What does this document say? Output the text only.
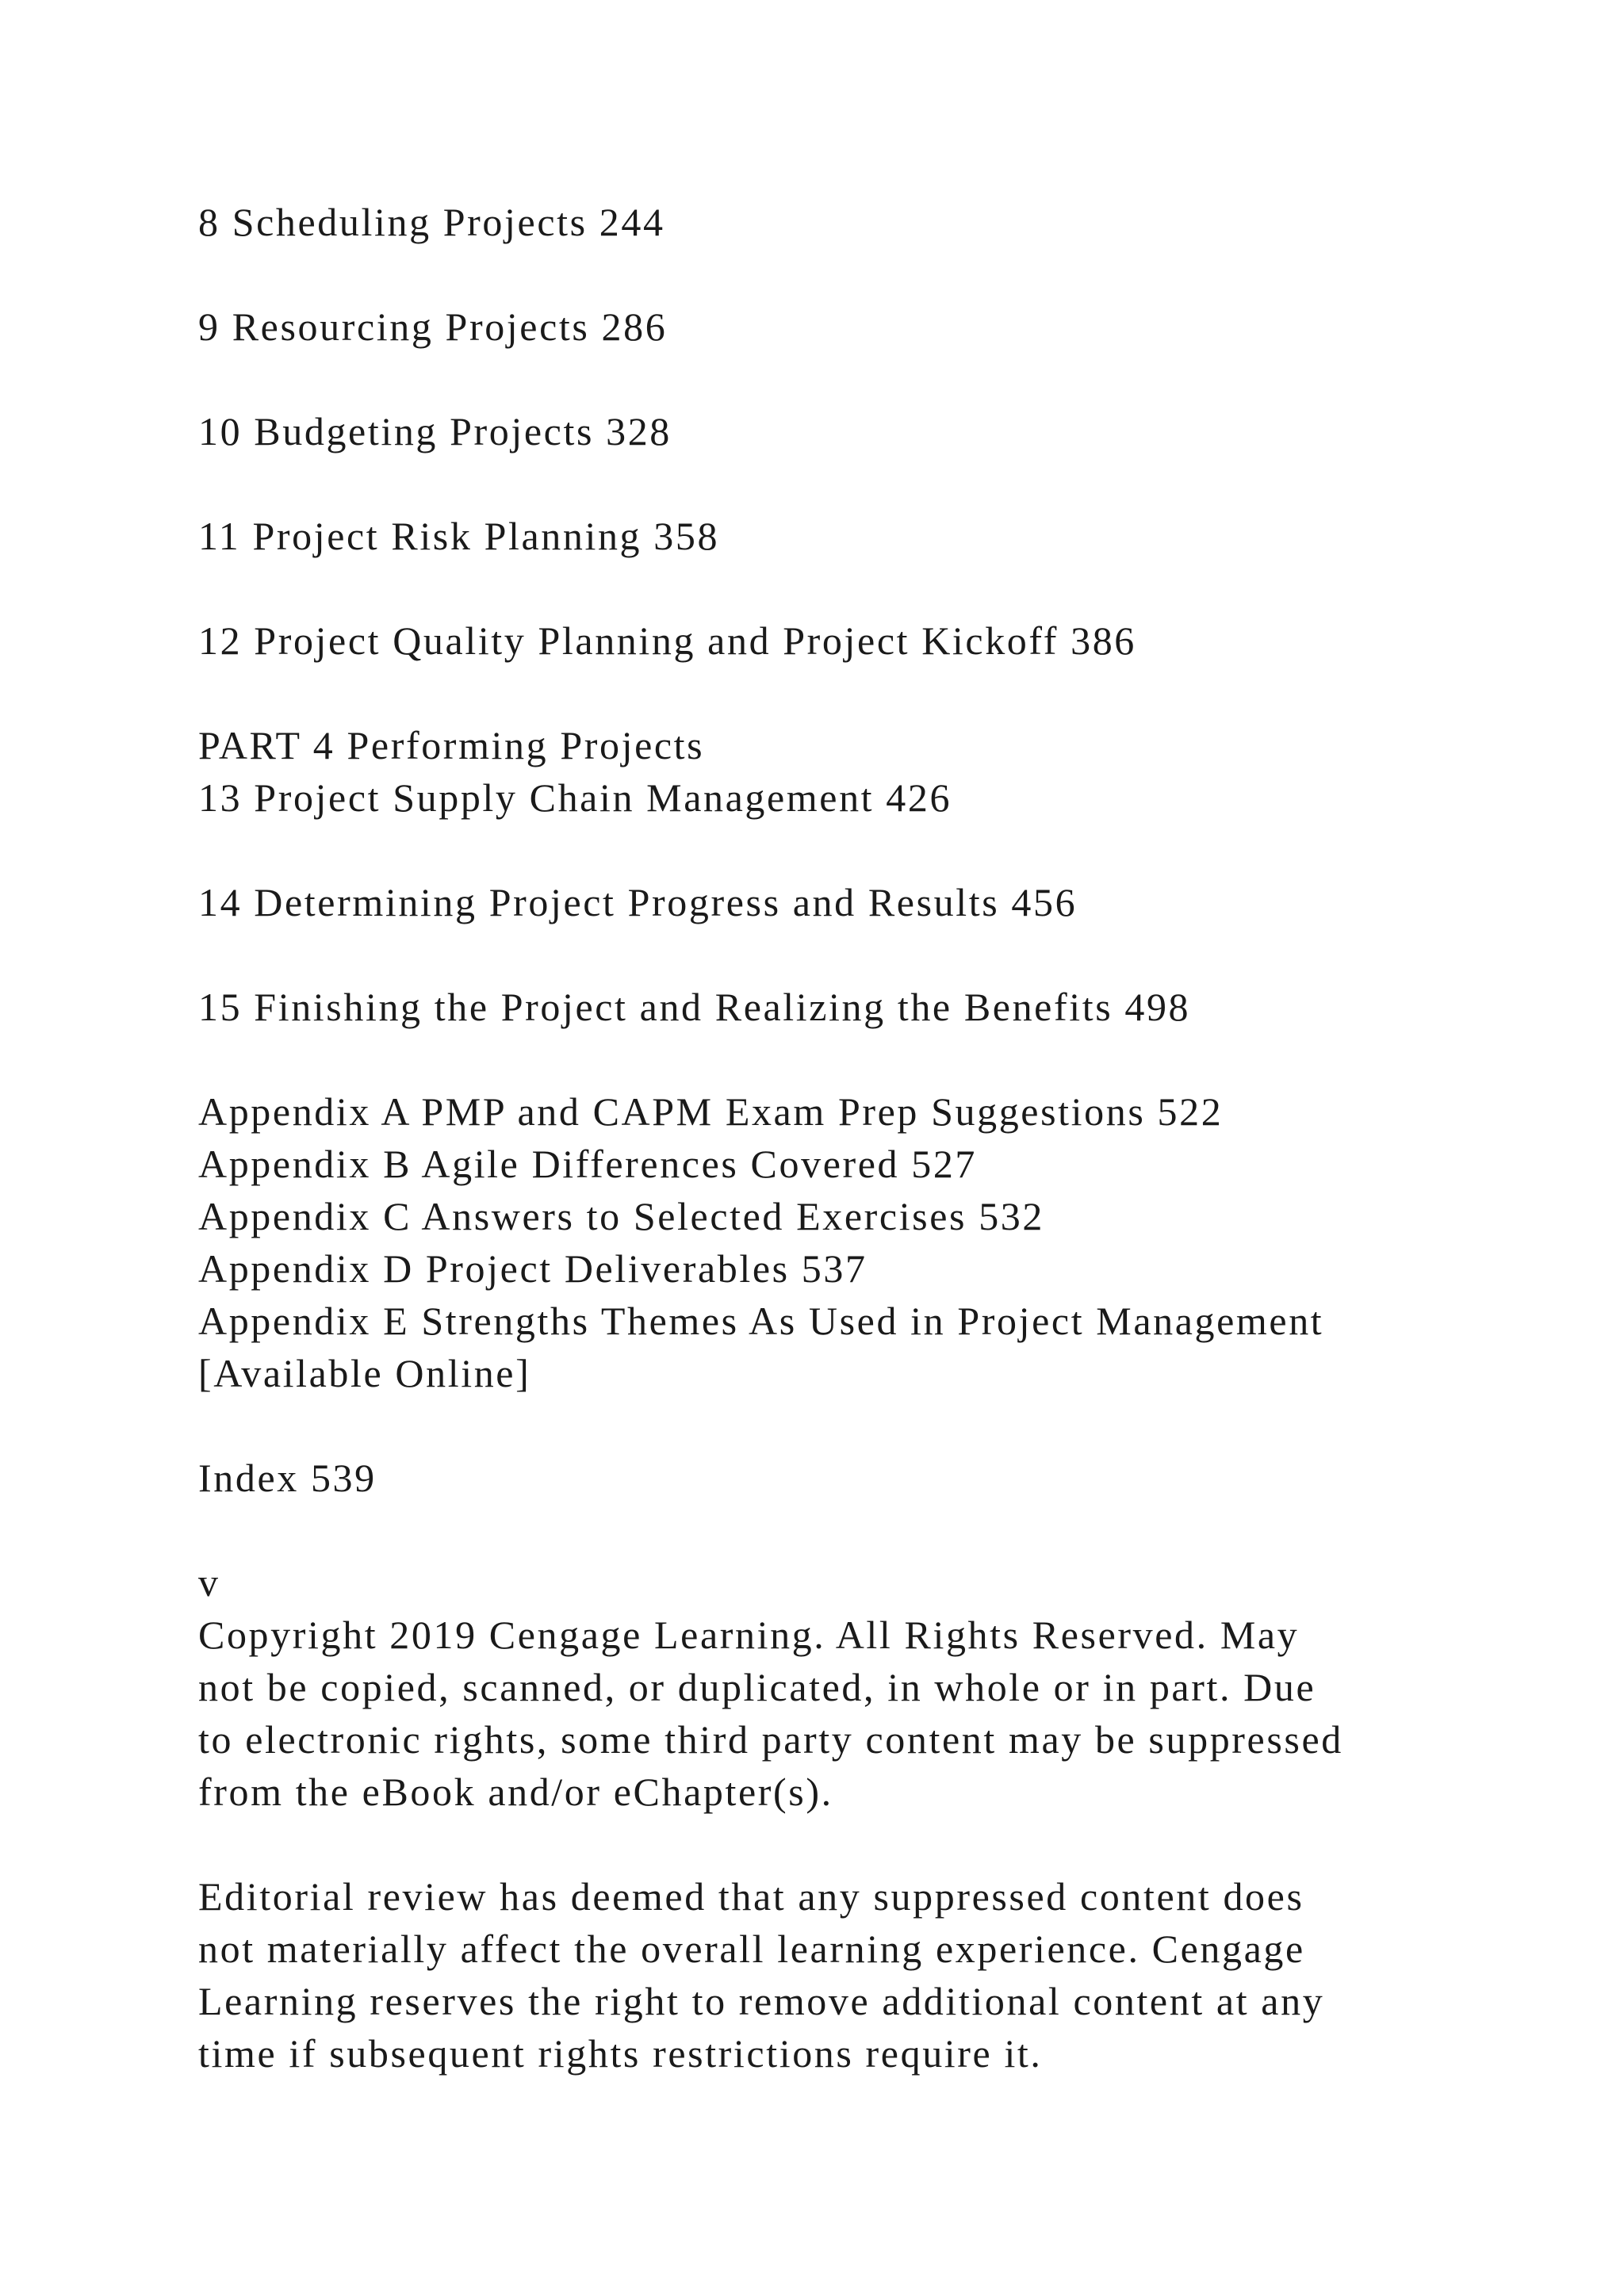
8 Scheduling Projects 244
9 Resourcing Projects 286
10 Budgeting Projects 328
11 Project Risk Planning 358
12 Project Quality Planning and Project Kickoff 386
PART 4 Performing Projects
13 Project Supply Chain Management 426
14 Determining Project Progress and Results 456
15 Finishing the Project and Realizing the Benefits 498
Appendix A PMP and CAPM Exam Prep Suggestions 522
Appendix B Agile Differences Covered 527
Appendix C Answers to Selected Exercises 532
Appendix D Project Deliverables 537
Appendix E Strengths Themes As Used in Project Management
[Available Online]
Index 539
v
Copyright 2019 Cengage Learning. All Rights Reserved. May
not be copied, scanned, or duplicated, in whole or in part. Due
to electronic rights, some third party content may be suppressed
from the eBook and/or eChapter(s).
Editorial review has deemed that any suppressed content does
not materially affect the overall learning experience. Cengage
Learning reserves the right to remove additional content at any
time if subsequent rights restrictions require it.
